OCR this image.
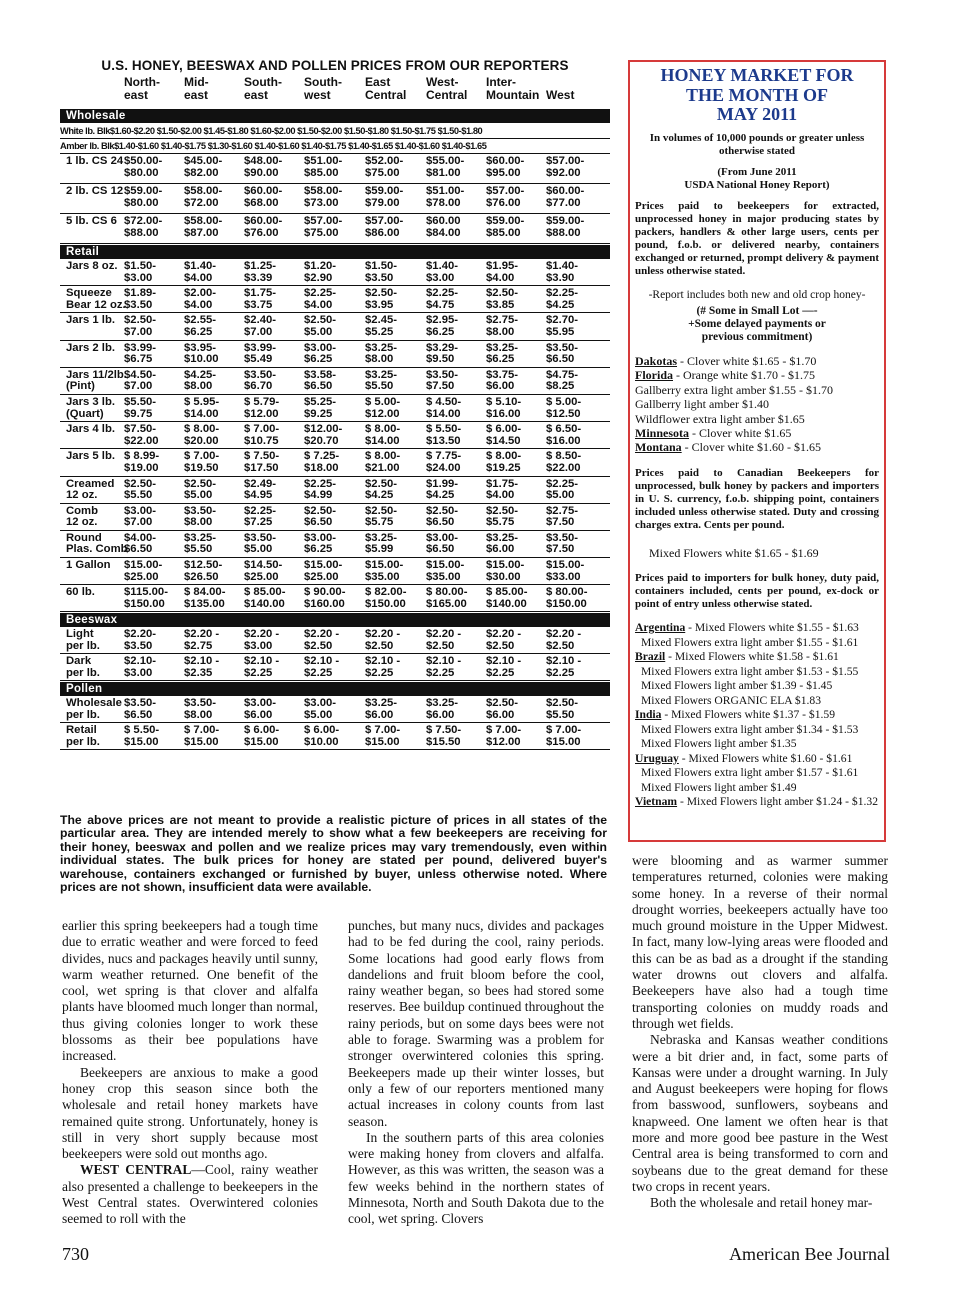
U.S. HONEY, BEESWAX AND POLLEN PRICES FROM OUR REPORTERS
North-
east
Mid-
east
South-
east
South-
west
East
Central
West-
Central
Inter-
Mountain
West
Wholesale
White lb. Blk$1.60-$2.20 $1.50-$2.00 $1.45-$1.80 $1.60-$2.00 $1.50-$2.00 $1.50-$1.80 $1.50-$1.75 $1.50-$1.80
Amber lb. Blk$1.40-$1.60 $1.40-$1.75 $1.30-$1.60 $1.40-$1.60 $1.40-$1.75 $1.40-$1.65 $1.40-$1.60 $1.40-$1.65
1 lb. CS 24 $50.00-
$80.00
$45.00-
$82.00
$48.00-
$90.00
$51.00-
$85.00
$52.00-
$75.00
$55.00-
$81.00
$60.00-
$95.00
$57.00-
$92.00
2 lb. CS 12 $59.00-
$80.00
$58.00-
$72.00
$60.00-
$68.00
$58.00-
$73.00
$59.00-
$79.00
$51.00-
$78.00
$57.00-
$76.00
$60.00-
$77.00
5 lb. CS 6 $72.00-
$88.00
$58.00-
$87.00
$60.00-
$76.00
$57.00-
$75.00
$57.00-
$86.00
$60.00
$84.00
$59.00-
$85.00
$59.00-
$88.00
Retail
Jars 8 oz. $1.50-
$3.00
$1.40-
$4.00
$1.25-
$3.39
$1.20-
$2.90
$1.50-
$3.50
$1.40-
$3.00
$1.95-
$4.00
$1.40-
$3.90
Squeeze
Bear 12 oz.
$1.89-
$3.50
$2.00-
$4.00
$1.75-
$3.75
$2.25-
$4.00
$2.50-
$3.95
$2.25-
$4.75
$2.50-
$3.85
$2.25-
$4.25
Jars 1 lb. $2.50-
$7.00
$2.55-
$6.25
$2.40-
$7.00
$2.50-
$5.00
$2.45-
$5.25
$2.95-
$6.25
$2.75-
$8.00
$2.70-
$5.95
Jars 2 lb. $3.99-
$6.75
$3.95-
$10.00
$3.99-
$5.49
$3.00-
$6.25
$3.25-
$8.00
$3.29-
$9.50
$3.25-
$6.25
$3.50-
$6.50
Jars 11/2lb.
(Pint)
$4.50-
$7.00
$4.25-
$8.00
$3.50-
$6.70
$3.58-
$6.50
$3.25-
$5.50
$3.50-
$7.50
$3.75-
$6.00
$4.75-
$8.25
Jars 3 lb.
(Quart)
$5.50-
$9.75
$ 5.95-
$14.00
$ 5.79-
$12.00
$5.25-
$9.25
$ 5.00-
$12.00
$ 4.50-
$14.00
$ 5.10-
$16.00
$ 5.00-
$12.50
Jars 4 lb. $7.50-
$22.00
$ 8.00-
$20.00
$ 7.00-
$10.75
$12.00-
$20.70
$ 8.00-
$14.00
$ 5.50-
$13.50
$ 6.00-
$14.50
$ 6.50-
$16.00
Jars 5 lb. $ 8.99-
$19.00
$ 7.00-
$19.50
$ 7.50-
$17.50
$ 7.25-
$18.00
$ 8.00-
$21.00
$ 7.75-
$24.00
$ 8.00-
$19.25
$ 8.50-
$22.00
Creamed
12 oz.
$2.50-
$5.50
$2.50-
$5.00
$2.49-
$4.95
$2.25-
$4.99
$2.50-
$4.25
$1.99-
$4.25
$1.75-
$4.00
$2.25-
$5.00
Comb
12 oz.
$3.00-
$7.00
$3.50-
$8.00
$2.25-
$7.25
$2.50-
$6.50
$2.50-
$5.75
$2.50-
$6.50
$2.50-
$5.75
$2.75-
$7.50
Round
Plas. Comb
$4.00-
$6.50
$3.25-
$5.50
$3.50-
$5.00
$3.00-
$6.25
$3.25-
$5.99
$3.00-
$6.50
$3.25-
$6.00
$3.50-
$7.50
1 Gallon $15.00-
$25.00
$12.50-
$26.50
$14.50-
$25.00
$15.00-
$25.00
$15.00-
$35.00
$15.00-
$35.00
$15.00-
$30.00
$15.00-
$33.00
60 lb.	$115.00-
$150.00
$ 84.00-
$135.00
$ 85.00-
$140.00
$ 90.00-
$160.00
$ 82.00-
$150.00
$ 80.00-
$165.00
$ 85.00-
$140.00
$ 80.00-
$150.00
Beeswax
Light
per lb.
$2.20-
$3.50
$2.20 -
$2.75
$2.20 -
$3.00
$2.20 -
$2.50
$2.20 -
$2.50
$2.20 -
$2.50
$2.20 -
$2.50
$2.20 -
$2.50
Dark
per lb.
$2.10-
$3.00
$2.10 -
$2.35
$2.10 -
$2.25
$2.10 -
$2.25
$2.10 -
$2.25
$2.10 -
$2.25
$2.10 -
$2.25
$2.10 -
$2.25
Pollen
Wholesale
per lb.
$3.50-
$6.50
$3.50-
$8.00
$3.00-
$6.00
$3.00-
$5.00
$3.25-
$6.00
$3.25-
$6.00
$2.50-
$6.00
$2.50-
$5.50
Retail
per lb.
$ 5.50-
$15.00
$ 7.00-
$15.00
$ 6.00-
$15.00
$ 6.00-
$10.00
$ 7.00-
$15.00
$ 7.50-
$15.50
$ 7.00-
$12.00
$ 7.00-
$15.00
The above prices are not meant to provide a realistic picture of prices in all states of the particular area. They are intended merely to show what a few beekeepers are receiving for their honey, beeswax and pollen and we realize prices may vary tremendously, even within individual states. The bulk prices for honey are stated per pound, delivered buyer's warehouse, containers exchanged or furnished by buyer, unless otherwise noted. Where prices are not shown, insufficient data were available.
HONEY MARKET FOR
THE MONTH OF
MAY 2011
In volumes of 10,000 pounds or greater unless otherwise stated
(From June 2011
USDA National Honey Report)
Prices paid to beekeepers for extracted, unprocessed honey in major producing states by packers, handlers & other large users, cents per pound, f.o.b. or delivered nearby, containers exchanged or returned, prompt delivery & payment unless otherwise stated.
-Report includes both new and old crop honey-
(# Some in Small Lot —-
+Some delayed payments or
previous commitment)
Dakotas - Clover white $1.65 - $1.70
Florida - Orange white $1.70 - $1.75
Gallberry extra light amber $1.55 - $1.70
Gallberry light amber $1.40
Wildflower extra light amber $1.65
Minnesota - Clover white $1.65
Montana - Clover white $1.60 - $1.65
Prices paid to Canadian Beekeepers for unprocessed, bulk honey by packers and importers in U. S. currency, f.o.b. shipping point, containers included unless otherwise stated. Duty and crossing charges extra. Cents per pound.
Mixed Flowers white $1.65 - $1.69
Prices paid to importers for bulk honey, duty paid, containers included, cents per pound, ex-dock or point of entry unless otherwise stated.
Argentina - Mixed Flowers white $1.55 - $1.63
Mixed Flowers extra light amber $1.55 - $1.61
Brazil - Mixed Flowers white $1.58 - $1.61
Mixed Flowers extra light amber $1.53 - $1.55
Mixed Flowers light amber $1.39 - $1.45
Mixed Flowers ORGANIC ELA $1.83
India - Mixed Flowers white $1.37 - $1.59
Mixed Flowers extra light amber $1.34 - $1.53
Mixed Flowers light amber $1.35
Uruguay - Mixed Flowers white $1.60 - $1.61
Mixed Flowers extra light amber $1.57 - $1.61
Mixed Flowers light amber $1.49
Vietnam - Mixed Flowers light amber $1.24 - $1.32

earlier this spring beekeepers had a tough time due to erratic weather and were forced to feed divides, nucs and packages heavily until sunny, warm weather returned. One benefit of the cool, wet spring is that clover and alfalfa plants have bloomed much longer than normal, thus giving colonies longer to work these blossoms as their bee populations have increased.

Beekeepers are anxious to make a good honey crop this season since both the wholesale and retail honey markets have remained quite strong. Unfortunately, honey is still in very short supply because most beekeepers were sold out months ago.

WEST CENTRAL—Cool, rainy weather also presented a challenge to beekeepers in the West Central states. Overwintered colonies seemed to roll with the

punches, but many nucs, divides and packages had to be fed during the cool, rainy periods. Some locations had good early flows from dandelions and fruit bloom before the cool, rainy weather began, so bees had stored some reserves. Bee buildup continued throughout the rainy periods, but on some days bees were not able to forage. Swarming was a problem for stronger overwintered colonies this spring. Beekeepers made up their winter losses, but only a few of our reporters mentioned many actual increases in colony counts from last season.

In the southern parts of this area colonies were making honey from clovers and alfalfa. However, as this was written, the season was a few weeks behind in the northern states of Minnesota, North and South Dakota due to the cool, wet spring. Clovers

were blooming and as warmer summer temperatures returned, colonies were making some honey. In a reverse of their normal drought worries, beekeepers actually have too much ground moisture in the Upper Midwest. In fact, many low-lying areas were flooded and this can be as bad as a drought if the standing water drowns out clovers and alfalfa. Beekeepers have also had a tough time transporting colonies on muddy roads and through wet fields.

Nebraska and Kansas weather conditions were a bit drier and, in fact, some parts of Kansas were under a drought warning. In July and August beekeepers were hoping for flows from basswood, sunflowers, soybeans and knapweed. One lament we often hear is that more and more good bee pasture in the West Central area is being transformed to corn and soybeans due to the great demand for these two crops in recent years.

Both the wholesale and retail honey mar-

730	American Bee Journal
